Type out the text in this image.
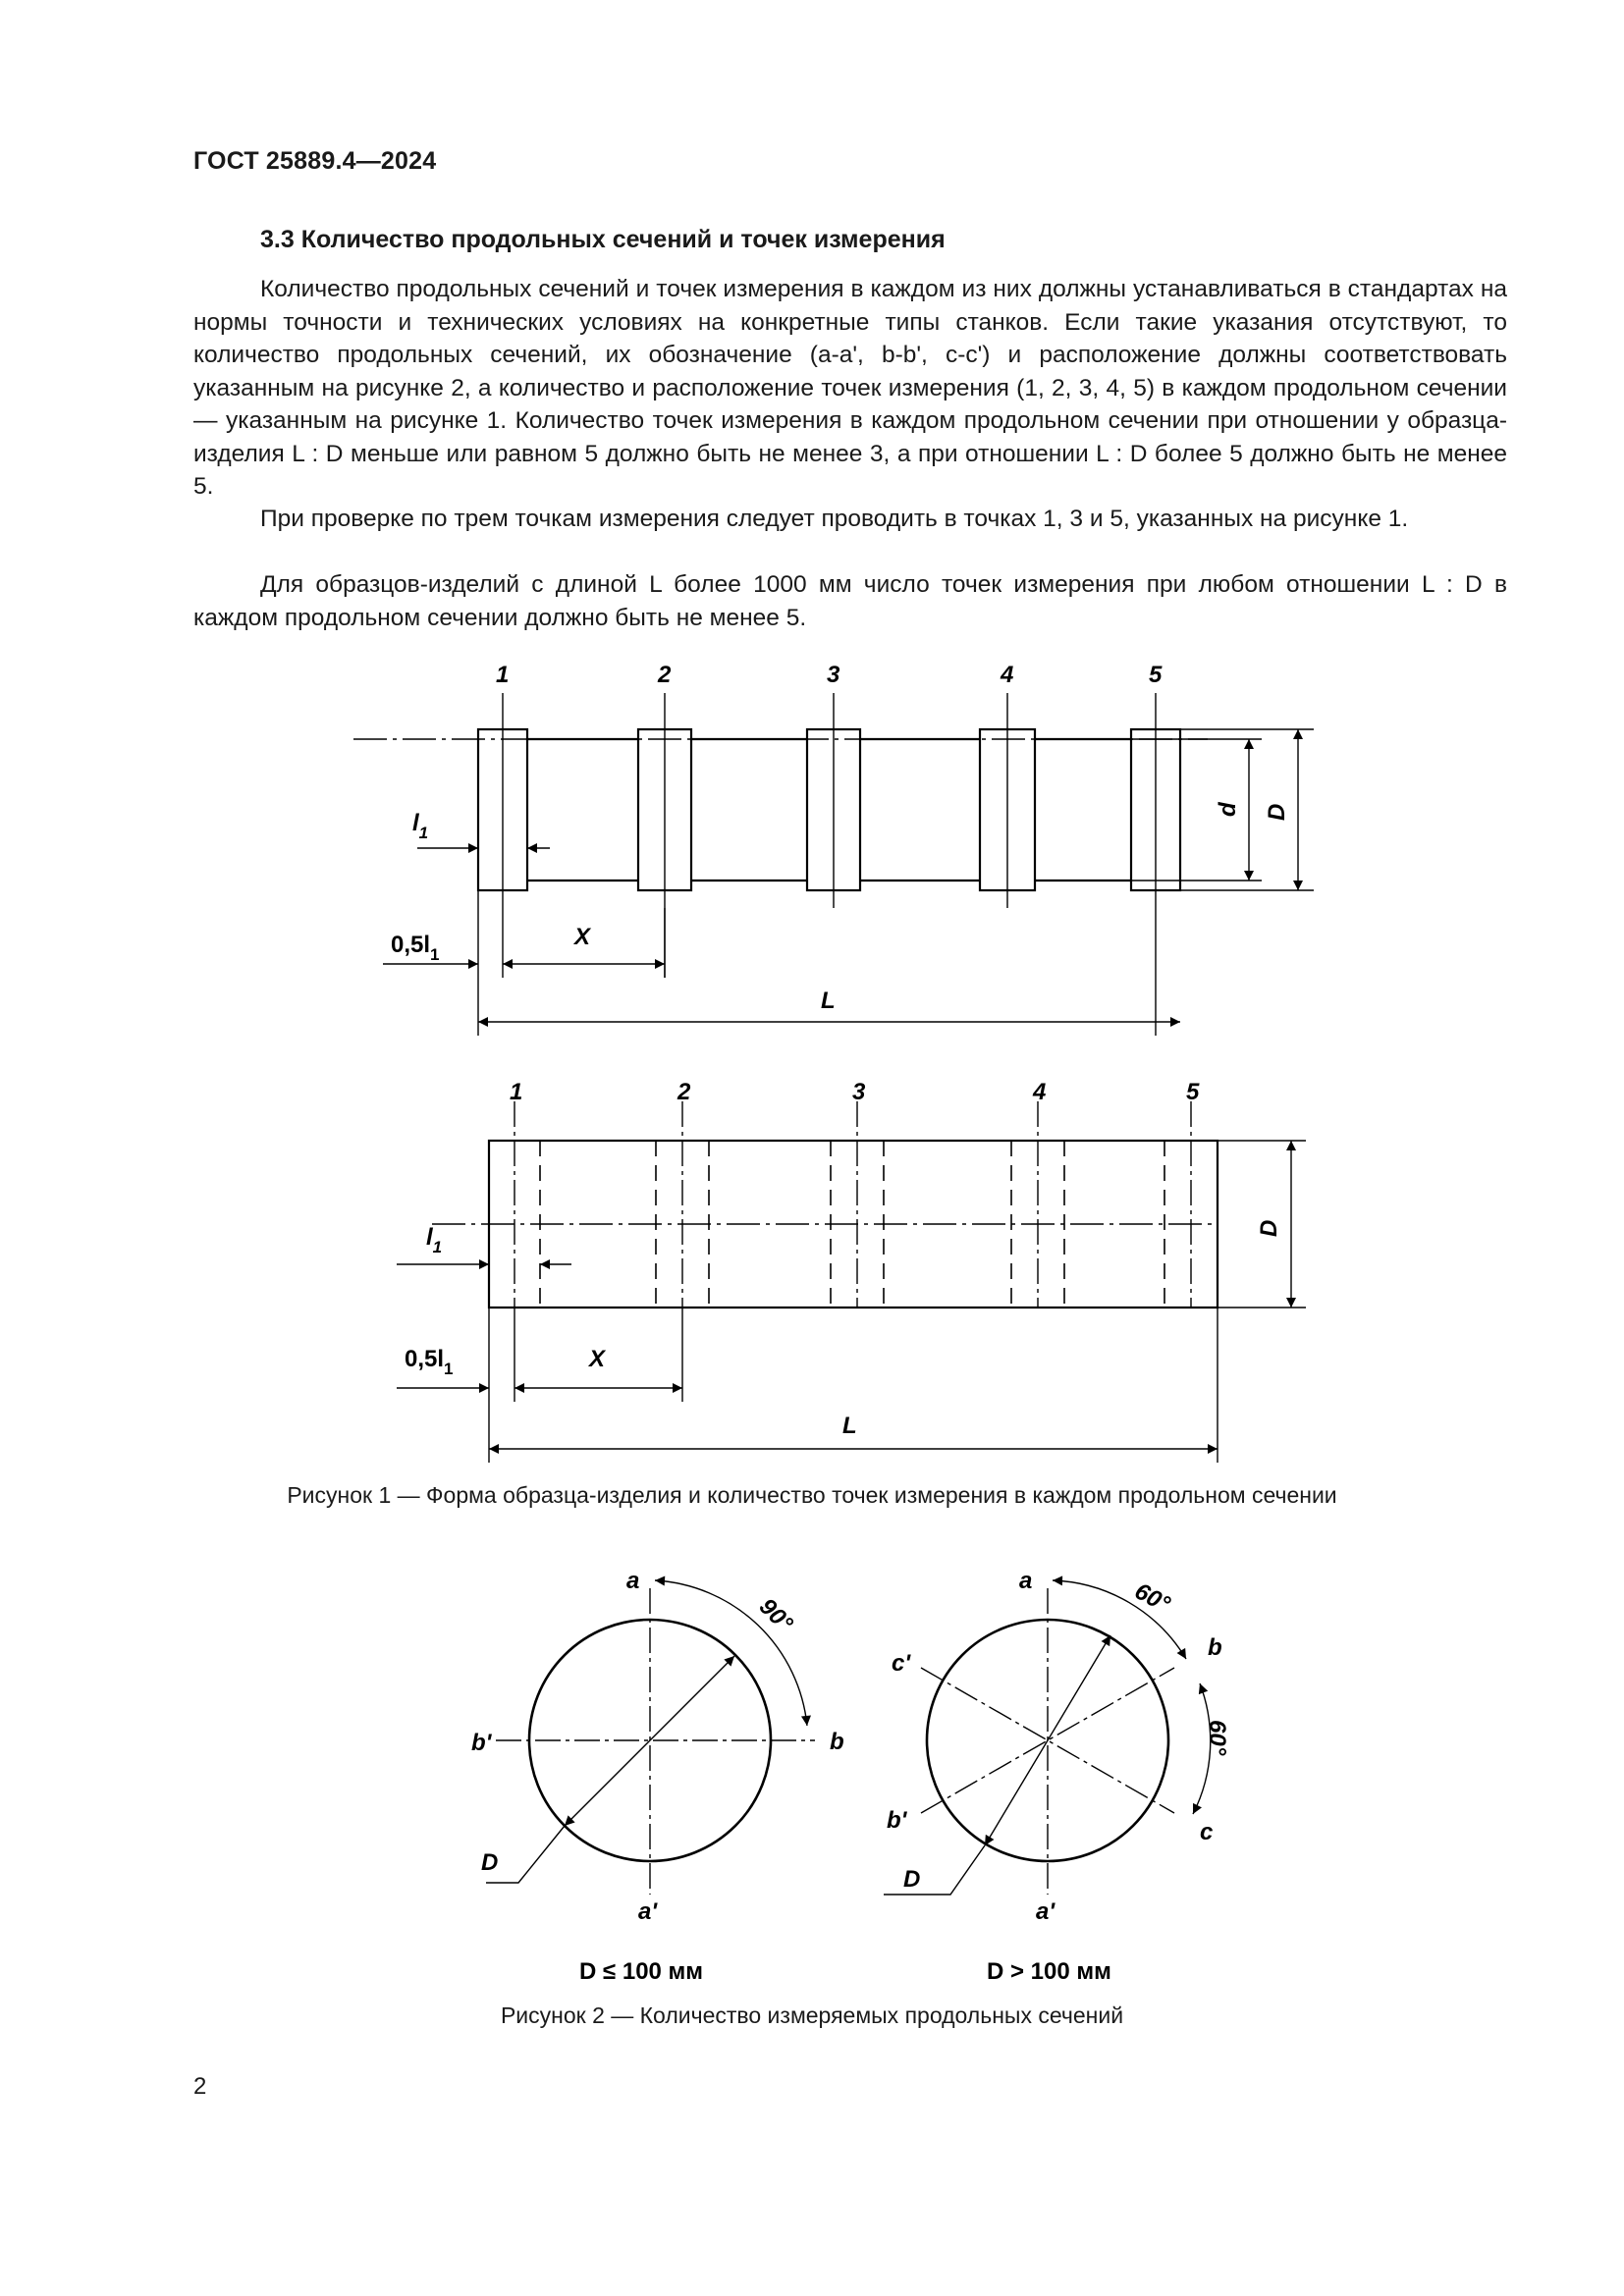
ГОСТ 25889.4—2024
3.3 Количество продольных сечений и точек измерения

Количество продольных сечений и точек измерения в каждом из них должны устанавливаться в стандартах на нормы точности и технических условиях на конкретные типы станков. Если такие указания отсутствуют, то количество продольных сечений, их обозначение (a-a', b-b', c-c') и расположение должны соответствовать указанным на рисунке 2, а количество и расположение точек измерения (1, 2, 3, 4, 5) в каждом продольном сечении — указанным на рисунке 1. Количество точек измерения в каждом продольном сечении при отношении у образца-изделия L : D меньше или равном 5 должно быть не менее 3, а при отношении L : D более 5 должно быть не менее 5.

При проверке по трем точкам измерения следует проводить в точках 1, 3 и 5, указанных на рисунке 1.

Для образцов-изделий с длиной L более 1000 мм число точек измерения при любом отношении L : D в каждом продольном сечении должно быть не менее 5.

1	2	3	4	5
$l_1$
$0,5l_1$
X
L
d D
1	2	3	4	5
$l_1$
$0,5l_1$	X
L
D
Рисунок 1 — Форма образца-изделия и количество точек измерения в каждом продольном сечении
a
b
b'
a'
D
90°
D ≤ 100 мм
a
b
c'
b'	c
a'
D
60°
60°
D > 100 мм
Рисунок 2 — Количество измеряемых продольных сечений
2
